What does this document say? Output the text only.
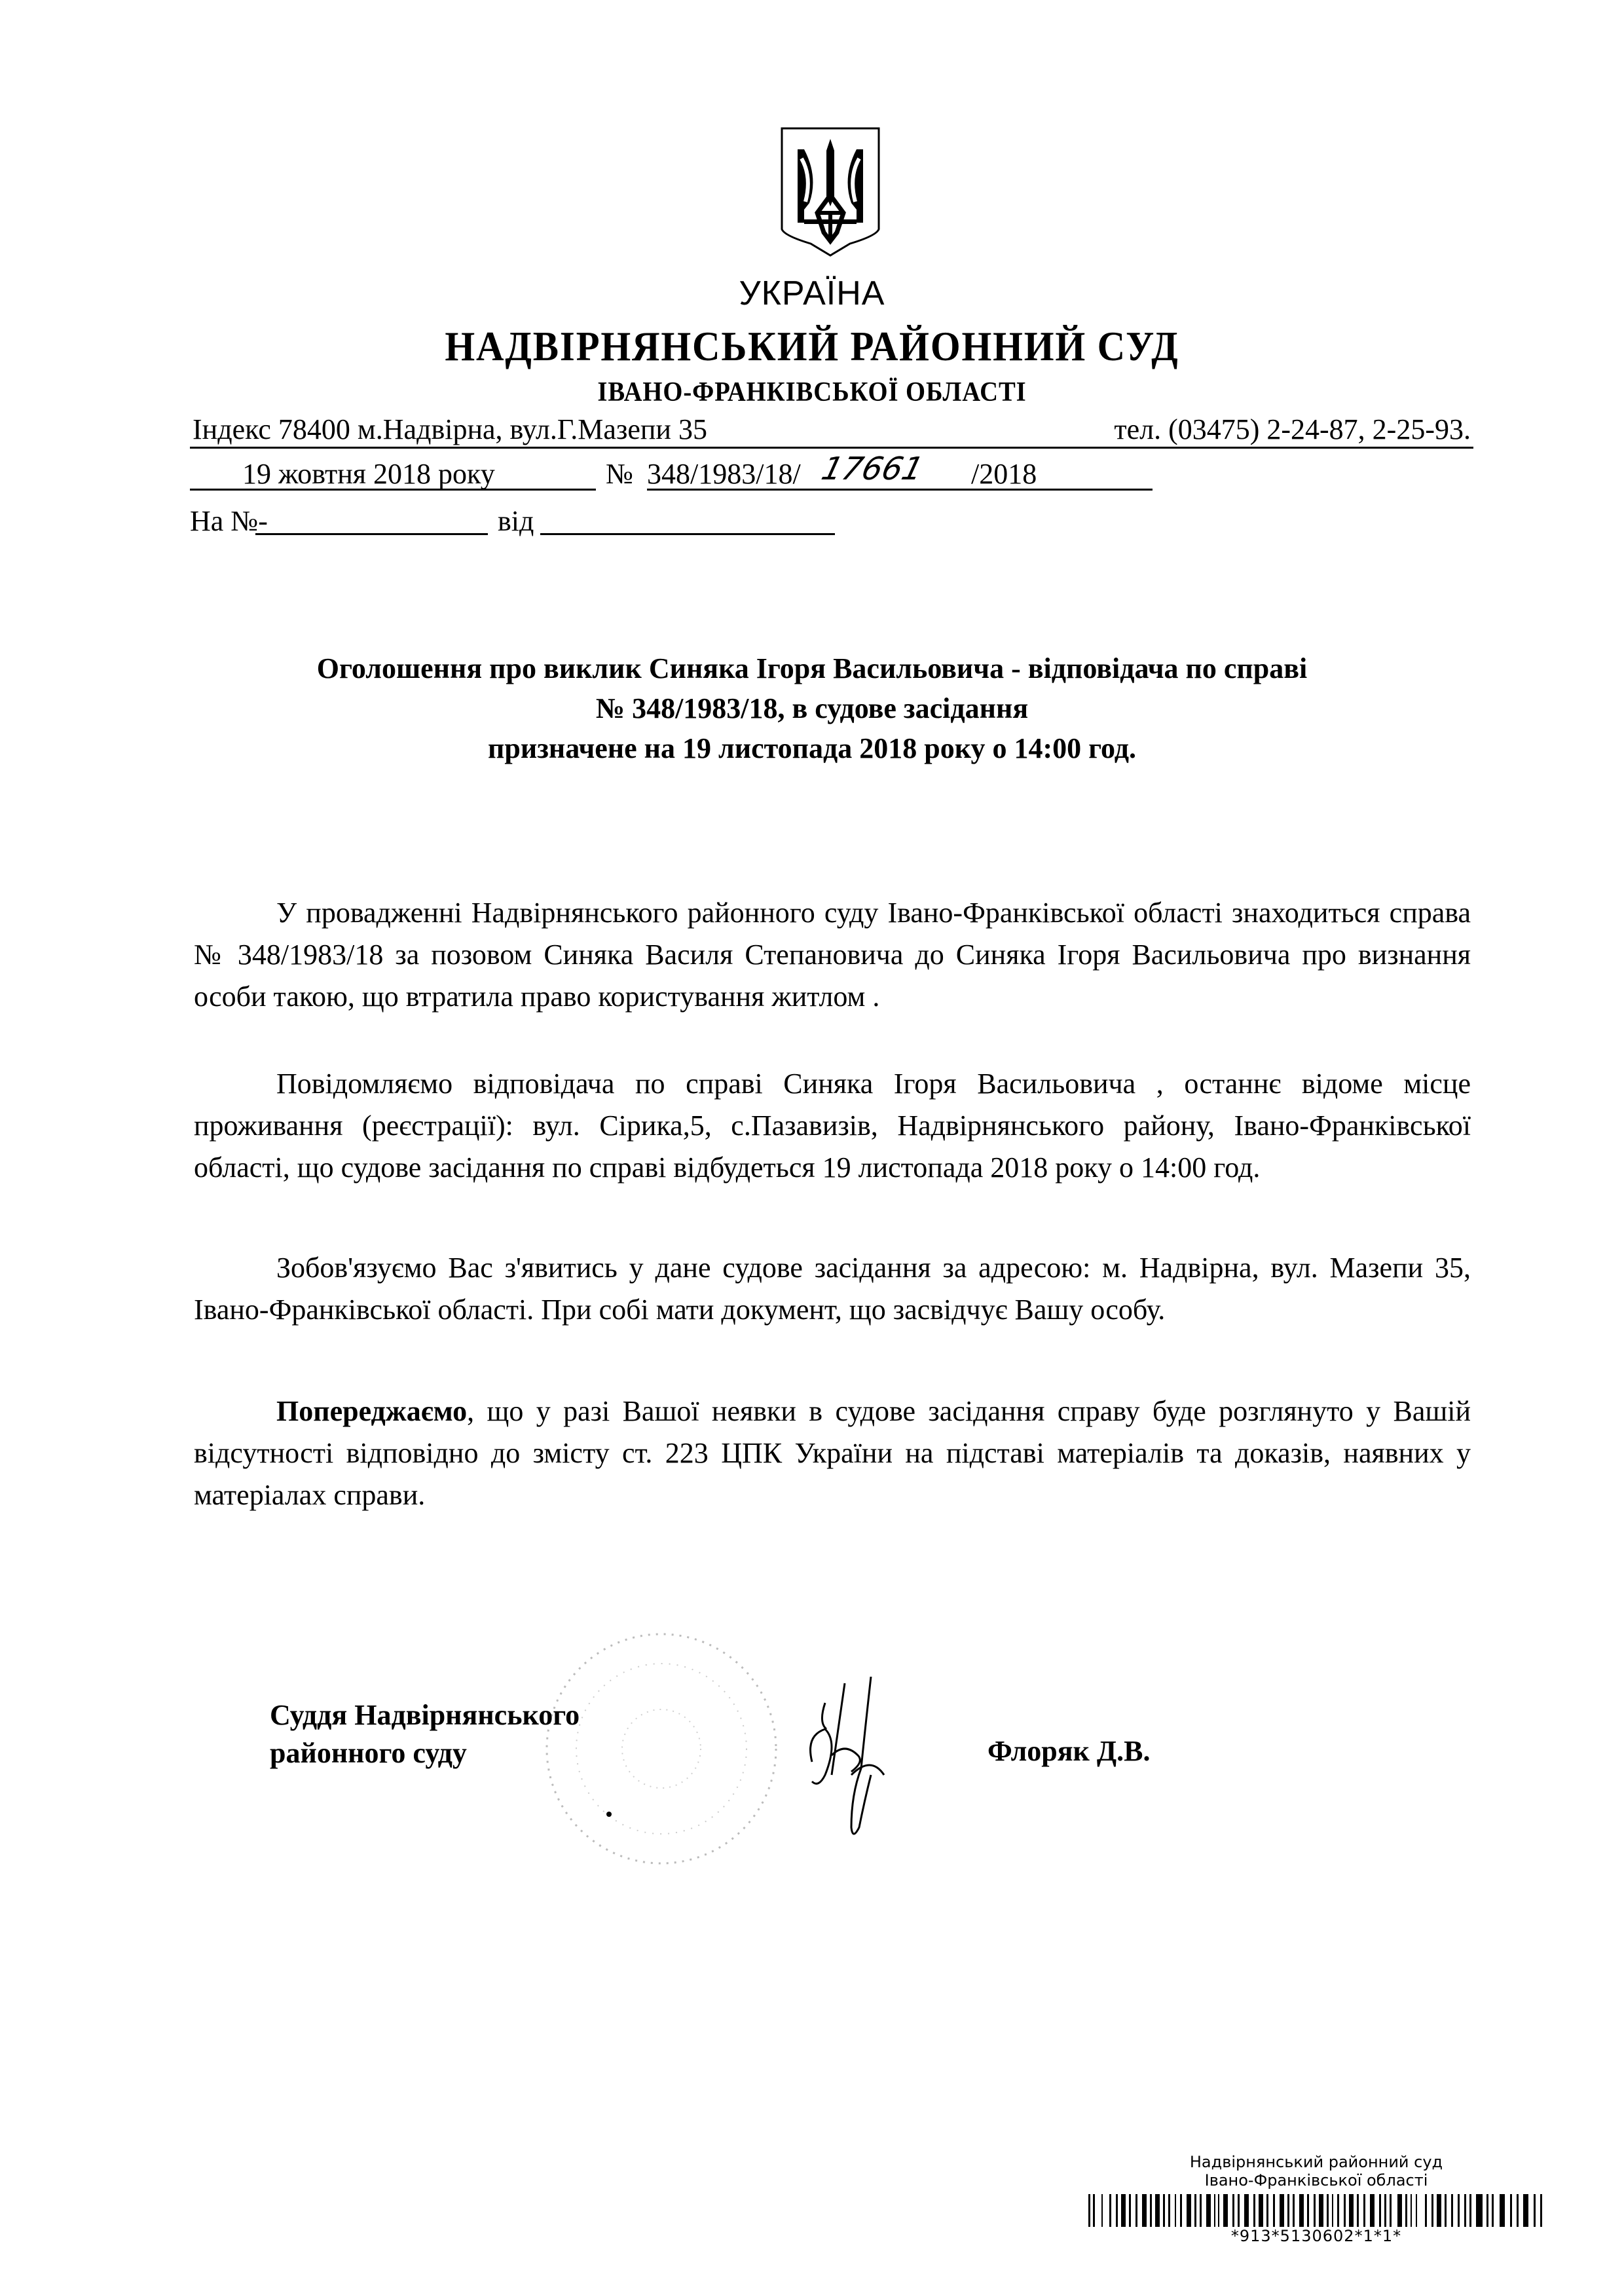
УКРАЇНА
НАДВІРНЯНСЬКИЙ РАЙОННИЙ СУД
ІВАНО-ФРАНКІВСЬКОЇ ОБЛАСТІ
Індекс 78400 м.Надвірна, вул.Г.Мазепи 35	тел. (03475) 2-24-87, 2-25-93.
19 жовтня 2018 року	№ 348/1983/18/ 17661 /2018
На №-	від
Оголошення про виклик Синяка Ігоря Васильовича - відповідача по справі
№ 348/1983/18, в судове засідання
призначене на 19 листопада 2018 року о 14:00 год.
У провадженні Надвірнянського районного суду Івано-Франківської області знаходиться справа № 348/1983/18 за позовом Синяка Василя Степановича до Синяка Ігоря Васильовича про визнання особи такою, що втратила право користування житлом .
Повідомляємо відповідача по справі Синяка Ігоря Васильовича , останнє відоме місце проживання (реєстрації): вул. Сірика,5, с.Пазавизів, Надвірнянського району, Івано-Франківської області, що судове засідання по справі відбудеться 19 листопада 2018 року о 14:00 год.
Зобов'язуємо Вас з'явитись у дане судове засідання за адресою: м. Надвірна, вул. Мазепи 35, Івано-Франківської області. При собі мати документ, що засвідчує Вашу особу.
Попереджаємо, що у разі Вашої неявки в судове засідання справу буде розглянуто у Вашій відсутності відповідно до змісту ст. 223 ЦПК України на підставі матеріалів та доказів, наявних у матеріалах справи.
Суддя Надвірнянського
районного суду	Флоряк Д.В.
Надвірнянський районний суд
Івано-Франківської області
*913*5130602*1*1*
